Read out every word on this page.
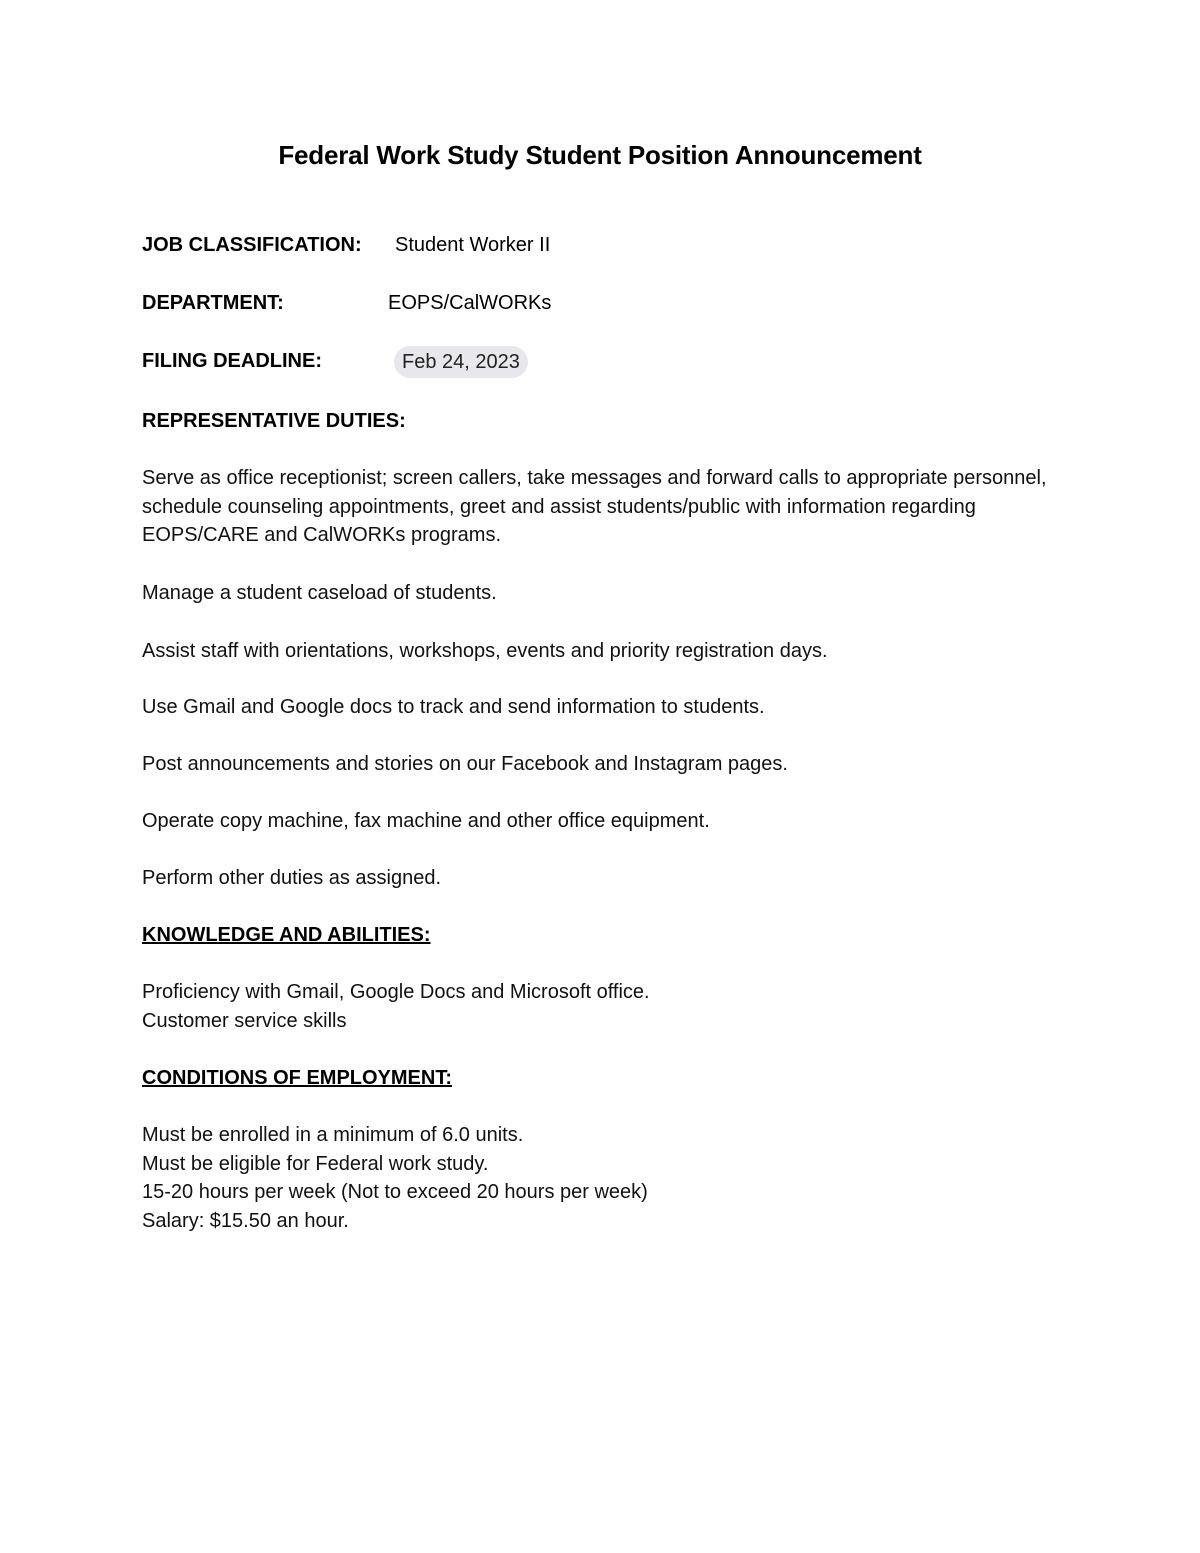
Federal Work Study Student Position Announcement
JOB CLASSIFICATION: Student Worker II
DEPARTMENT:	EOPS/CalWORKs
FILING DEADLINE:	Feb 24, 2023
REPRESENTATIVE DUTIES:
Serve as office receptionist; screen callers, take messages and forward calls to appropriate personnel, schedule counseling appointments, greet and assist students/public with information regarding EOPS/CARE and CalWORKs programs.
Manage a student caseload of students.
Assist staff with orientations, workshops, events and priority registration days.
Use Gmail and Google docs to track and send information to students.
Post announcements and stories on our Facebook and Instagram pages.
Operate copy machine, fax machine and other office equipment.
Perform other duties as assigned.
KNOWLEDGE AND ABILITIES:
Proficiency with Gmail, Google Docs and Microsoft office.
Customer service skills
CONDITIONS OF EMPLOYMENT:
Must be enrolled in a minimum of 6.0 units.
Must be eligible for Federal work study.
15-20 hours per week (Not to exceed 20 hours per week)
Salary: $15.50 an hour.
